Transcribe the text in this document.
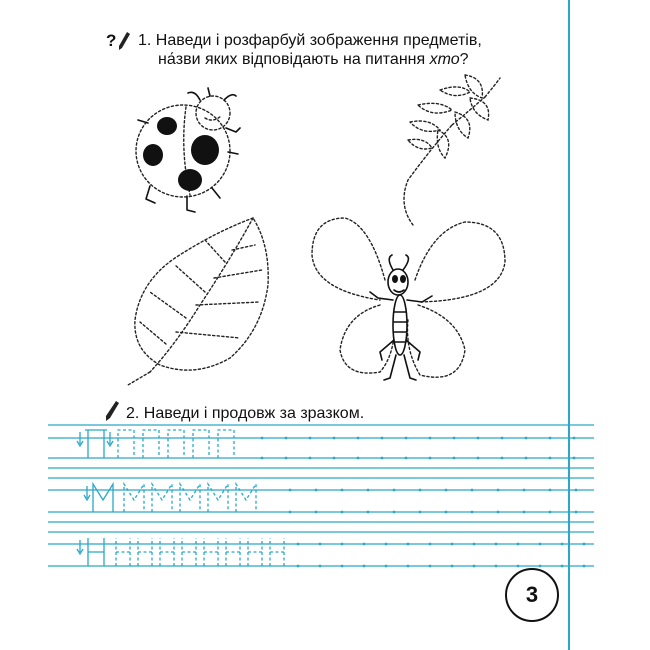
? 1. Наведи і розфарбуй зображення предметів,
на́зви яких відповідають на питання хто?
2. Наведи і продовж за зразком.
3
